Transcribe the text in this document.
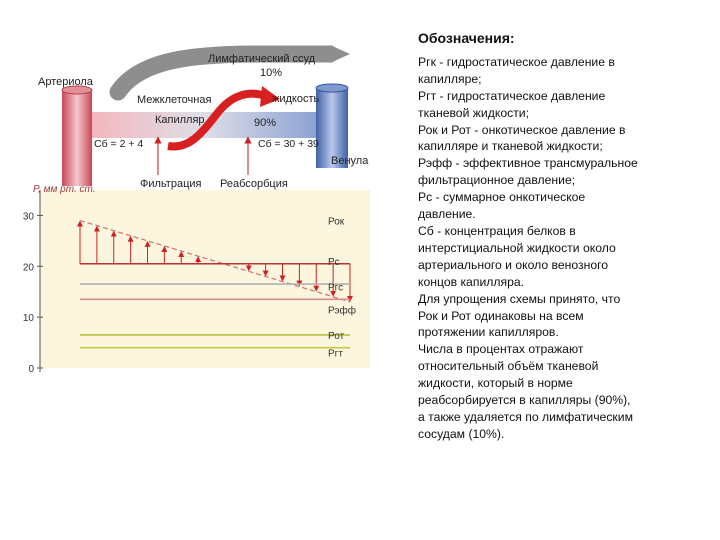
Лимфатический ссуд
10%
Артериола
Межклеточная	жидкость
Капилляр	90%
Сб = 2 + 4	Сб = 30 + 39
Венула
Фильтрация Реабсорбция
Р, мм рт. ст.
30
20
10
0
Рок
Рс
Ргс
Рэфф
Рот
Ргт
Обозначения:
Ргк - гидростатическое давление в
капилляре;
Ргт - гидростатическое давление
тканевой жидкости;
Рок и Рот - онкотическое давление в
капилляре и тканевой жидкости;
Рэфф - эффективное трансмуральное
фильтрационное давление;
Рс - суммарное онкотическое
давление.
Сб - концентрация белков в
интерстициальной жидкости около
артериального и около венозного
концов капилляра.
Для упрощения схемы принято, что
Рок и Рот одинаковы на всем
протяжении капилляров.
Числа в процентах отражают
относительный объём тканевой
жидкости, который в норме
реабсорбируется в капилляры (90%),
а также удаляется по лимфатическим
сосудам (10%).
